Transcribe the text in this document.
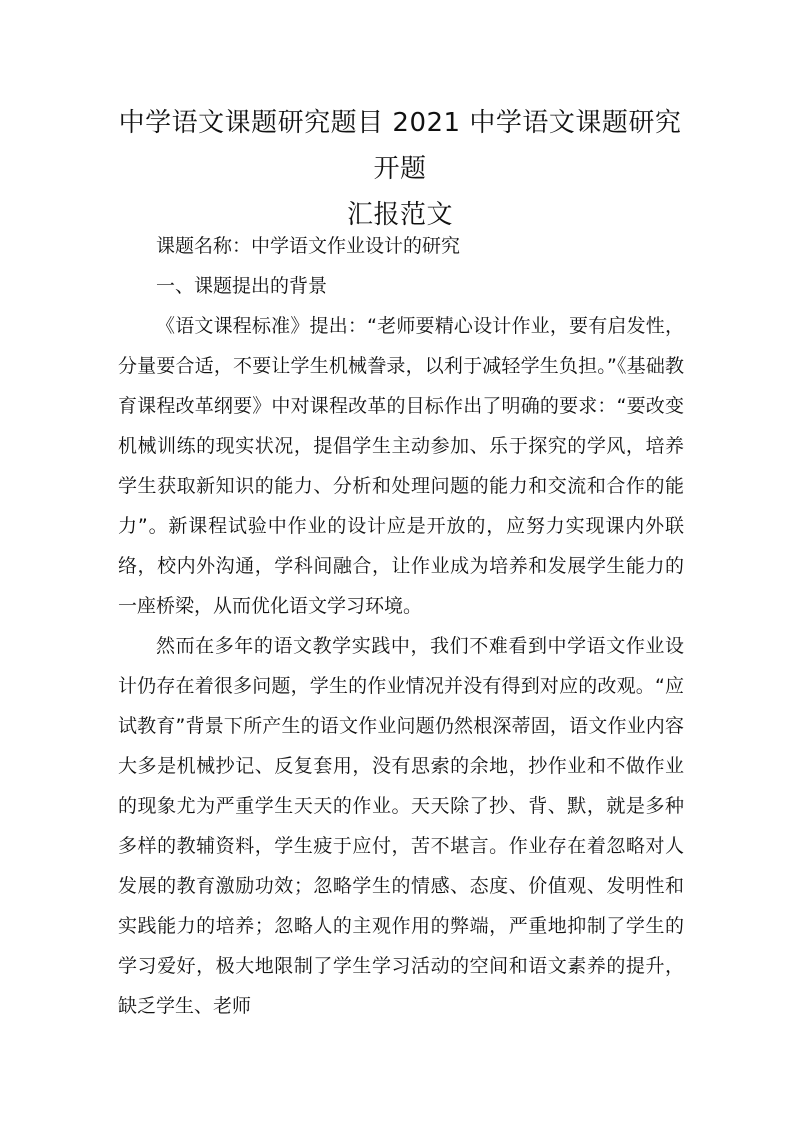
中学语文课题研究题目 2021 中学语文课题研究开题
汇报范文

课题名称：中学语文作业设计的研究

一、课题提出的背景

《语文课程标准》提出：“老师要精心设计作业，要有启发性，分量要合适，不要让学生机械誊录，以利于减轻学生负担。”《基础教育课程改革纲要》中对课程改革的目标作出了明确的要求：“要改变机械训练的现实状况，提倡学生主动参加、乐于探究的学风，培养学生获取新知识的能力、分析和处理问题的能力和交流和合作的能力”。新课程试验中作业的设计应是开放的，应努力实现课内外联络，校内外沟通，学科间融合，让作业成为培养和发展学生能力的一座桥梁，从而优化语文学习环境。

然而在多年的语文教学实践中，我们不难看到中学语文作业设计仍存在着很多问题，学生的作业情况并没有得到对应的改观。“应试教育”背景下所产生的语文作业问题仍然根深蒂固，语文作业内容大多是机械抄记、反复套用，没有思索的余地，抄作业和不做作业的现象尤为严重学生天天的作业。天天除了抄、背、默，就是多种多样的教辅资料，学生疲于应付，苦不堪言。作业存在着忽略对人发展的教育激励功效；忽略学生的情感、态度、价值观、发明性和实践能力的培养；忽略人的主观作用的弊端，严重地抑制了学生的学习爱好，极大地限制了学生学习活动的空间和语文素养的提升，缺乏学生、老师
